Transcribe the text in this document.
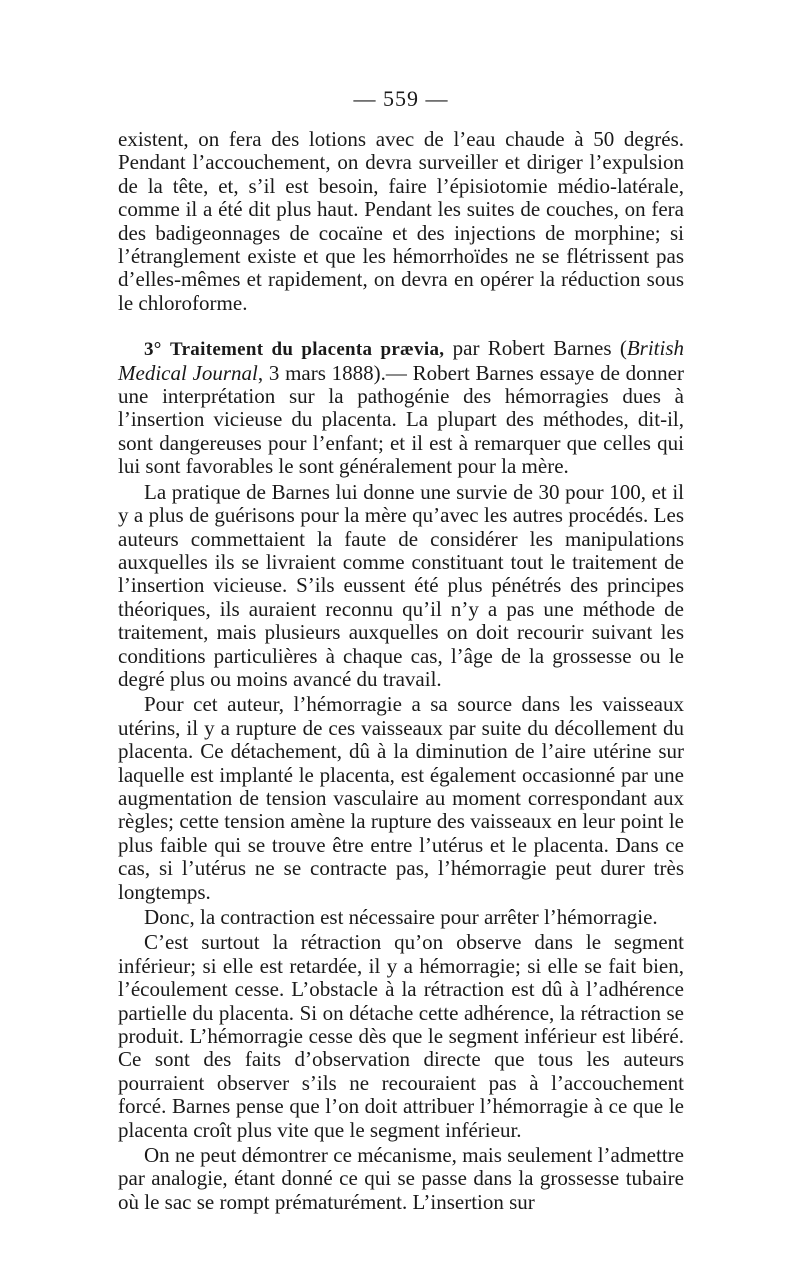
— 559 —

existent, on fera des lotions avec de l’eau chaude à 50 degrés. Pendant l’accouchement, on devra surveiller et diriger l’expulsion de la tête, et, s’il est besoin, faire l’épisiotomie médio-latérale, comme il a été dit plus haut. Pendant les suites de couches, on fera des badigeonnages de cocaïne et des injections de morphine; si l’étranglement existe et que les hémorrhoïdes ne se flétrissent pas d’elles-mêmes et rapidement, on devra en opérer la réduction sous le chloroforme.

3° Traitement du placenta prævia, par Robert Barnes (British Medical Journal, 3 mars 1888).— Robert Barnes essaye de donner une interprétation sur la pathogénie des hémorragies dues à l’insertion vicieuse du placenta. La plupart des méthodes, dit-il, sont dangereuses pour l’enfant; et il est à remarquer que celles qui lui sont favorables le sont généralement pour la mère.

La pratique de Barnes lui donne une survie de 30 pour 100, et il y a plus de guérisons pour la mère qu’avec les autres procédés. Les auteurs commettaient la faute de considérer les manipulations auxquelles ils se livraient comme constituant tout le traitement de l’insertion vicieuse. S’ils eussent été plus pénétrés des principes théoriques, ils auraient reconnu qu’il n’y a pas une méthode de traitement, mais plusieurs auxquelles on doit recourir suivant les conditions particulières à chaque cas, l’âge de la grossesse ou le degré plus ou moins avancé du travail.

Pour cet auteur, l’hémorragie a sa source dans les vaisseaux utérins, il y a rupture de ces vaisseaux par suite du décollement du placenta. Ce détachement, dû à la diminution de l’aire utérine sur laquelle est implanté le placenta, est également occasionné par une augmentation de tension vasculaire au moment correspondant aux règles; cette tension amène la rupture des vaisseaux en leur point le plus faible qui se trouve être entre l’utérus et le placenta. Dans ce cas, si l’utérus ne se contracte pas, l’hémorragie peut durer très longtemps.

Donc, la contraction est nécessaire pour arrêter l’hémorragie.

C’est surtout la rétraction qu’on observe dans le segment inférieur; si elle est retardée, il y a hémorragie; si elle se fait bien, l’écoulement cesse. L’obstacle à la rétraction est dû à l’adhérence partielle du placenta. Si on détache cette adhérence, la rétraction se produit. L’hémorragie cesse dès que le segment inférieur est libéré. Ce sont des faits d’observation directe que tous les auteurs pourraient observer s’ils ne recouraient pas à l’accouchement forcé. Barnes pense que l’on doit attribuer l’hémorragie à ce que le placenta croît plus vite que le segment inférieur.

On ne peut démontrer ce mécanisme, mais seulement l’admettre par analogie, étant donné ce qui se passe dans la grossesse tubaire où le sac se rompt prématurément. L’insertion sur
